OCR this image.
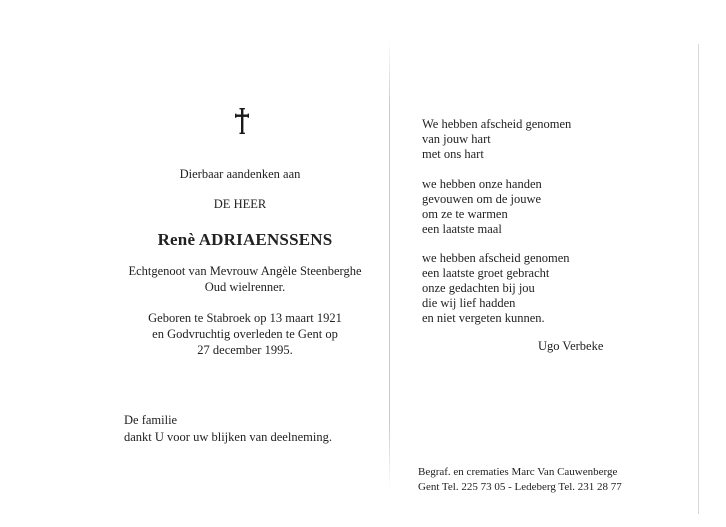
Dierbaar aandenken aan
DE HEER
Renè ADRIAENSSENS
Echtgenoot van Mevrouw Angèle Steenberghe
Oud wielrenner.
Geboren te Stabroek op 13 maart 1921
en Godvruchtig overleden te Gent op
27 december 1995.
De familie
dankt U voor uw blijken van deelneming.
We hebben afscheid genomen
van jouw hart
met ons hart
we hebben onze handen
gevouwen om de jouwe
om ze te warmen
een laatste maal
we hebben afscheid genomen
een laatste groet gebracht
onze gedachten bij jou
die wij lief hadden
en niet vergeten kunnen.
Ugo Verbeke
Begraf. en crematies Marc Van Cauwenberge
Gent Tel. 225 73 05 - Ledeberg Tel. 231 28 77
